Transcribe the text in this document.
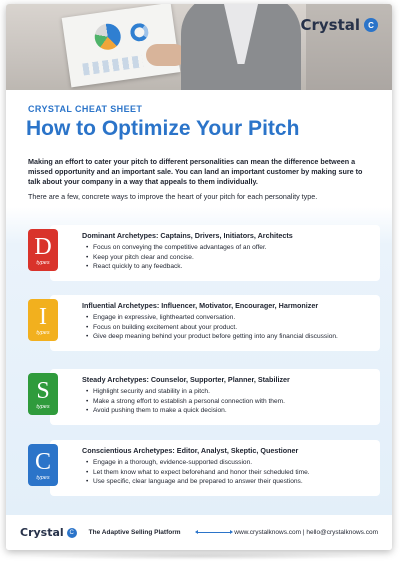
Crystal	C
CRYSTAL CHEAT SHEET
How to Optimize Your Pitch
Making an effort to cater your pitch to different personalities can mean the difference between a missed opportunity and an important sale. You can land an important customer by making sure to talk about your company in a way that appeals to them individually.
There are a few, concrete ways to improve the heart of your pitch for each personality type.
D
types
Dominant Archetypes: Captains, Drivers, Initiators, Architects
• Focus on conveying the competitive advantages of an offer.
• Keep your pitch clear and concise.
• React quickly to any feedback.
I
types
Influential Archetypes: Influencer, Motivator, Encourager, Harmonizer
• Engage in expressive, lighthearted conversation.
• Focus on building excitement about your product.
• Give deep meaning behind your product before getting into any financial discussion.
S
types
Steady Archetypes: Counselor, Supporter, Planner, Stabilizer
• Highlight security and stability in a pitch.
• Make a strong effort to establish a personal connection with them.
• Avoid pushing them to make a quick decision.
C
types
Conscientious Archetypes: Editor, Analyst, Skeptic, Questioner
• Engage in a thorough, evidence-supported discussion.
• Let them know what to expect beforehand and honor their scheduled time.
• Use specific, clear language and be prepared to answer their questions.
Crystal C	The Adaptive Selling Platform	www.crystalknows.com | hello@crystalknows.com
